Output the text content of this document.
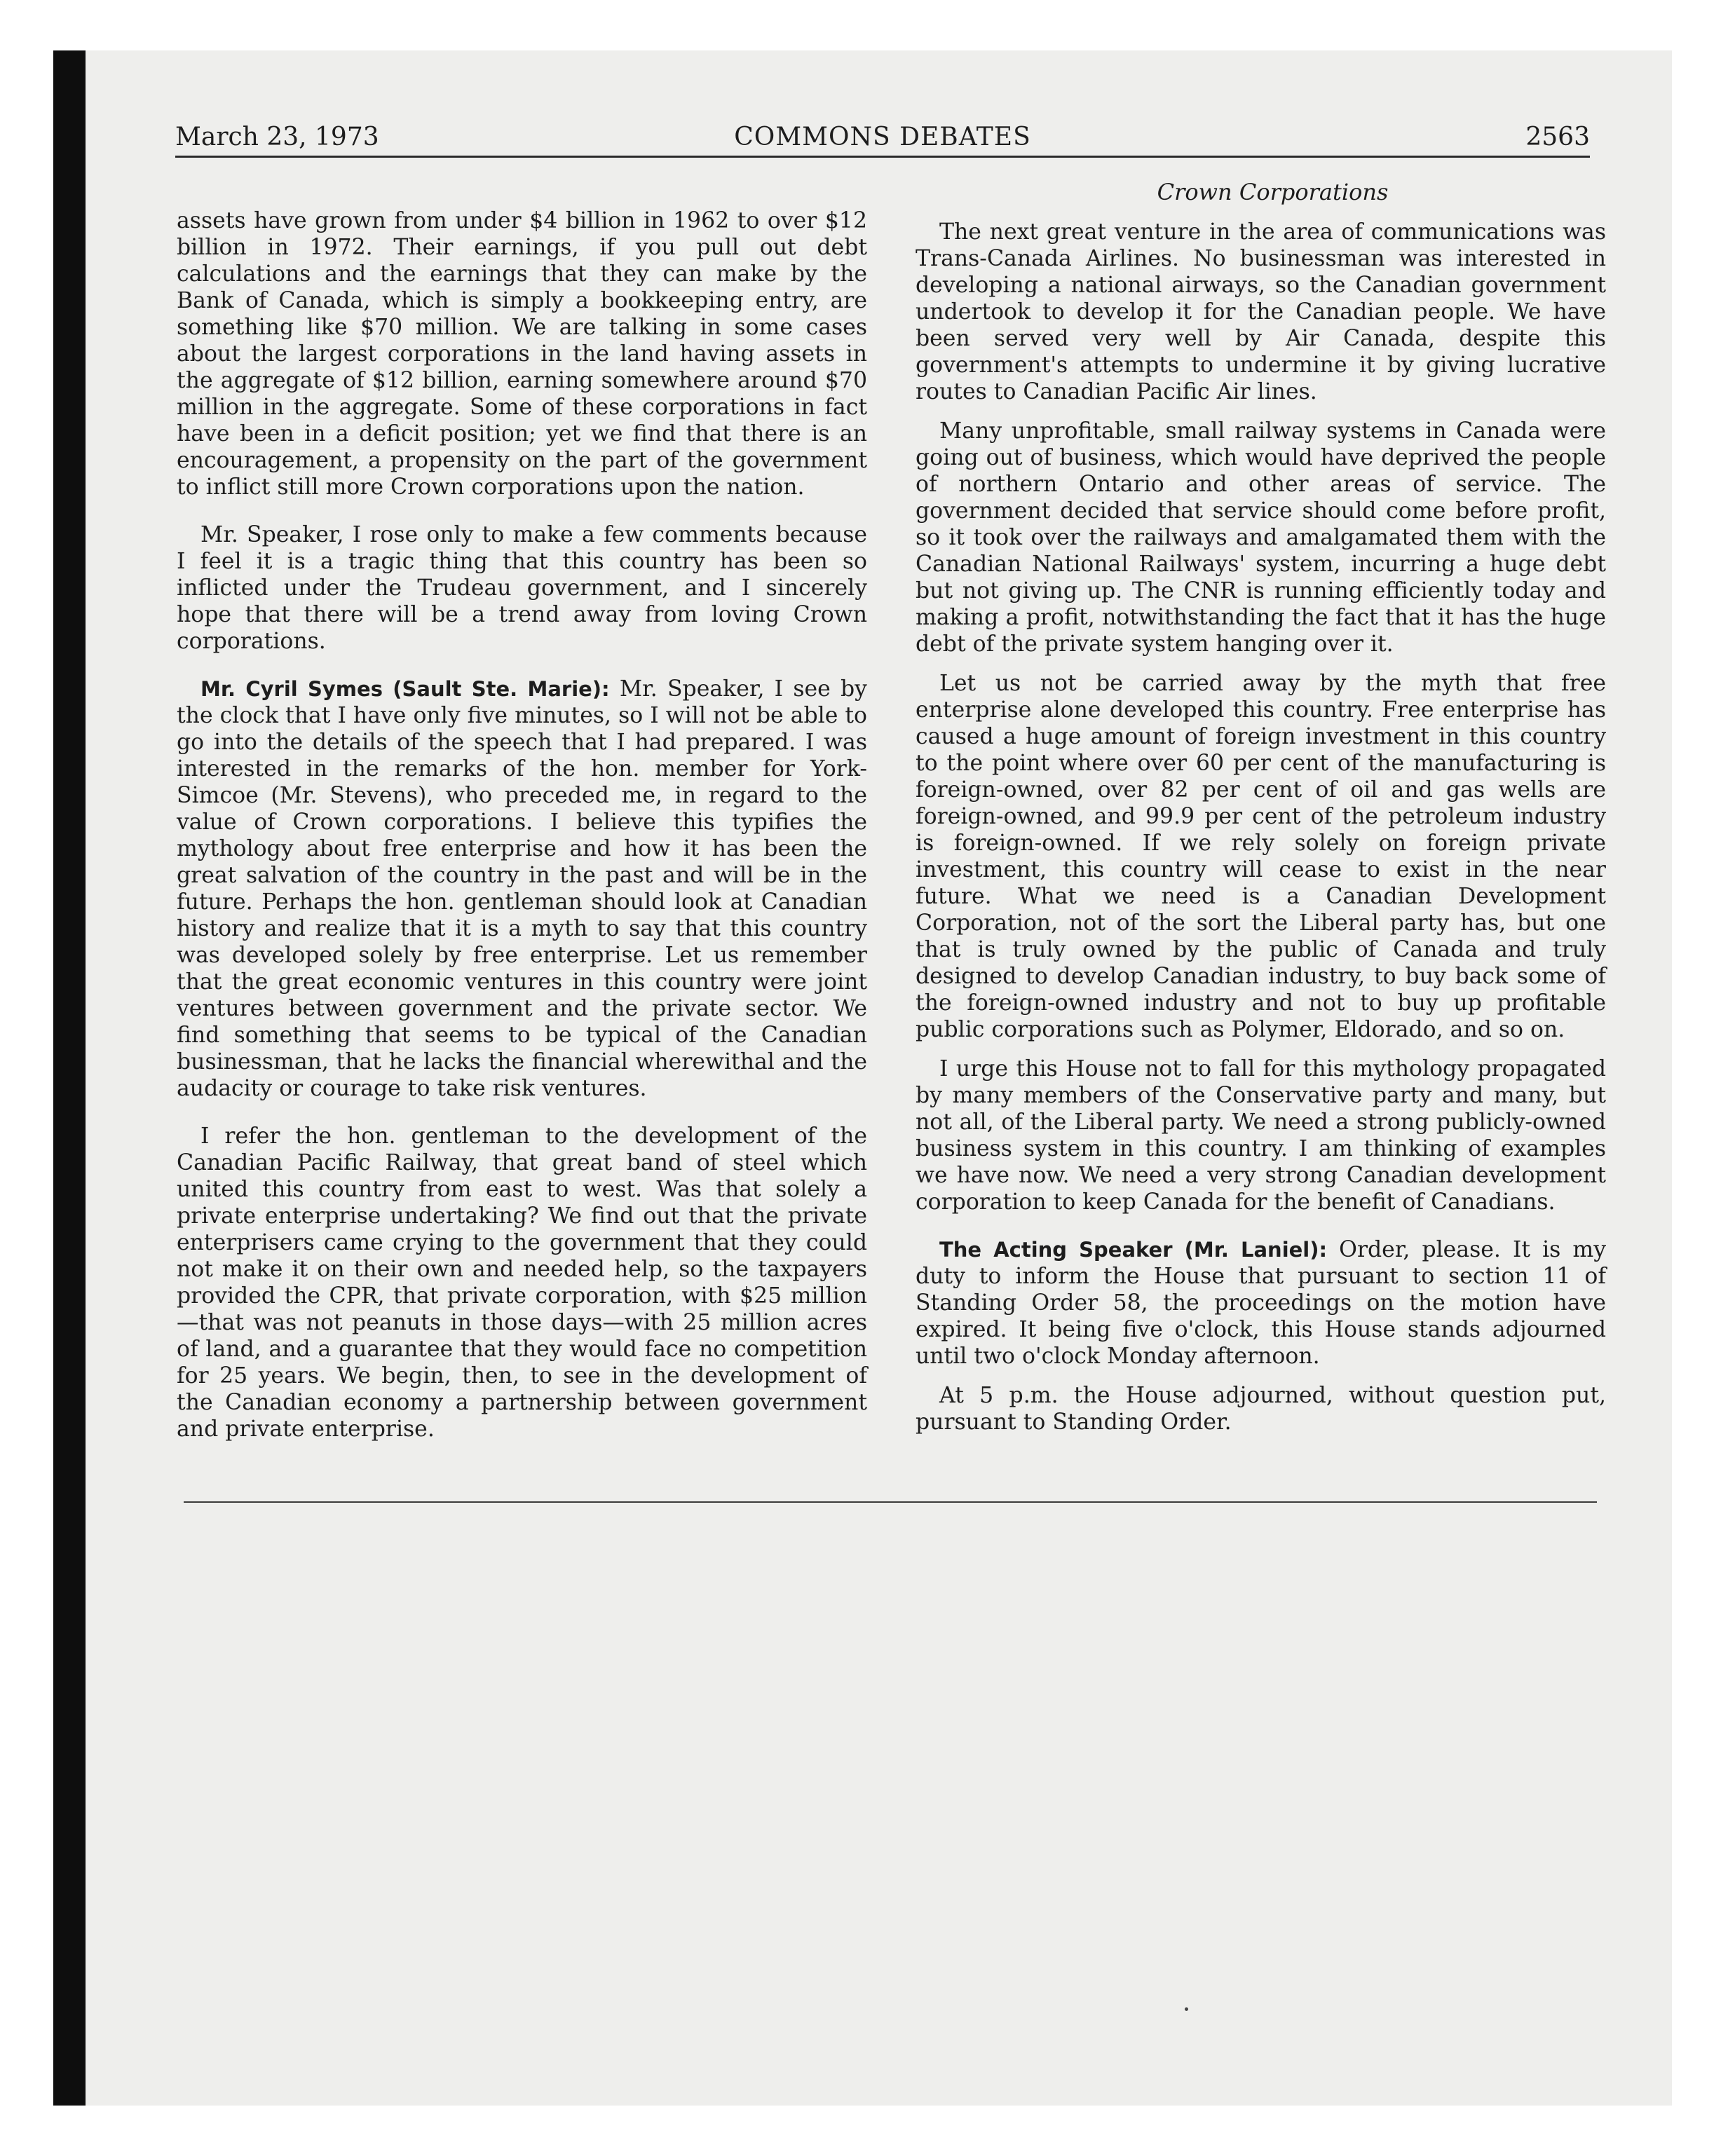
COMMONS DEBATES
March 23, 1973	2563

assets have grown from under $4 billion in 1962 to over $12 billion in 1972. Their earnings, if you pull out debt calculations and the earnings that they can make by the Bank of Canada, which is simply a bookkeeping entry, are something like $70 million. We are talking in some cases about the largest corporations in the land having assets in the aggregate of $12 billion, earning somewhere around $70 million in the aggregate. Some of these corporations in fact have been in a deficit position; yet we find that there is an encouragement, a propensity on the part of the government to inflict still more Crown corporations upon the nation.

Mr. Speaker, I rose only to make a few comments because I feel it is a tragic thing that this country has been so inflicted under the Trudeau government, and I sincerely hope that there will be a trend away from loving Crown corporations.

Mr. Cyril Symes (Sault Ste. Marie): Mr. Speaker, I see by the clock that I have only five minutes, so I will not be able to go into the details of the speech that I had prepared. I was interested in the remarks of the hon. member for York-Simcoe (Mr. Stevens), who preceded me, in regard to the value of Crown corporations. I believe this typifies the mythology about free enterprise and how it has been the great salvation of the country in the past and will be in the future. Perhaps the hon. gentleman should look at Canadian history and realize that it is a myth to say that this country was developed solely by free enterprise. Let us remember that the great economic ventures in this country were joint ventures between government and the private sector. We find something that seems to be typical of the Canadian businessman, that he lacks the financial wherewithal and the audacity or courage to take risk ventures.

I refer the hon. gentleman to the development of the Canadian Pacific Railway, that great band of steel which united this country from east to west. Was that solely a private enterprise undertaking? We find out that the private enterprisers came crying to the government that they could not make it on their own and needed help, so the taxpayers provided the CPR, that private corporation, with $25 million—that was not peanuts in those days—with 25 million acres of land, and a guarantee that they would face no competition for 25 years. We begin, then, to see in the development of the Canadian economy a partnership between government and private enterprise.

Crown Corporations

The next great venture in the area of communications was Trans-Canada Airlines. No businessman was interested in developing a national airways, so the Canadian government undertook to develop it for the Canadian people. We have been served very well by Air Canada, despite this government's attempts to undermine it by giving lucrative routes to Canadian Pacific Air lines.

Many unprofitable, small railway systems in Canada were going out of business, which would have deprived the people of northern Ontario and other areas of service. The government decided that service should come before profit, so it took over the railways and amalgamated them with the Canadian National Railways' system, incurring a huge debt but not giving up. The CNR is running efficiently today and making a profit, notwithstanding the fact that it has the huge debt of the private system hanging over it.

Let us not be carried away by the myth that free enterprise alone developed this country. Free enterprise has caused a huge amount of foreign investment in this country to the point where over 60 per cent of the manufacturing is foreign-owned, over 82 per cent of oil and gas wells are foreign-owned, and 99.9 per cent of the petroleum industry is foreign-owned. If we rely solely on foreign private investment, this country will cease to exist in the near future. What we need is a Canadian Development Corporation, not of the sort the Liberal party has, but one that is truly owned by the public of Canada and truly designed to develop Canadian industry, to buy back some of the foreign-owned industry and not to buy up profitable public corporations such as Polymer, Eldorado, and so on.

I urge this House not to fall for this mythology propagated by many members of the Conservative party and many, but not all, of the Liberal party. We need a strong publicly-owned business system in this country. I am thinking of examples we have now. We need a very strong Canadian development corporation to keep Canada for the benefit of Canadians.

The Acting Speaker (Mr. Laniel): Order, please. It is my duty to inform the House that pursuant to section 11 of Standing Order 58, the proceedings on the motion have expired. It being five o'clock, this House stands adjourned until two o'clock Monday afternoon.

At 5 p.m. the House adjourned, without question put, pursuant to Standing Order.
